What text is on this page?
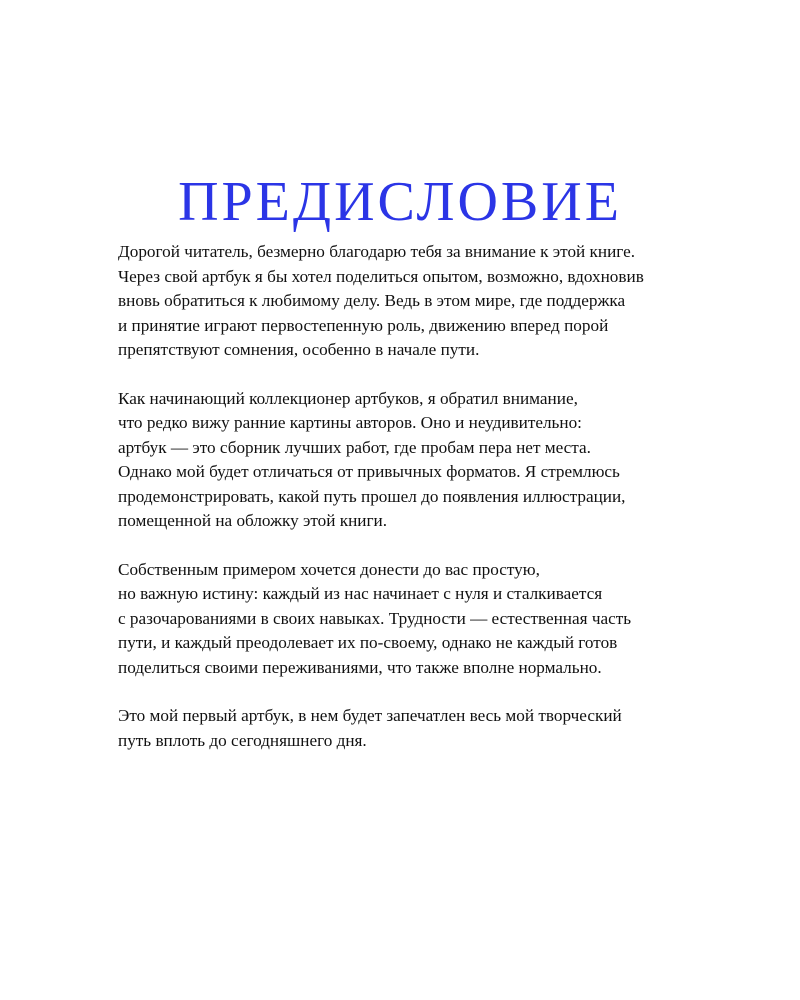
ПРЕДИСЛОВИЕ

Дорогой читатель, безмерно благодарю тебя за внимание к этой книге.
Через свой артбук я бы хотел поделиться опытом, возможно, вдохновив
вновь обратиться к любимому делу. Ведь в этом мире, где поддержка
и принятие играют первостепенную роль, движению вперед порой
препятствуют сомнения, особенно в начале пути.

Как начинающий коллекционер артбуков, я обратил внимание,
что редко вижу ранние картины авторов. Оно и неудивительно:
артбук — это сборник лучших работ, где пробам пера нет места.
Однако мой будет отличаться от привычных форматов. Я стремлюсь
продемонстрировать, какой путь прошел до появления иллюстрации,
помещенной на обложку этой книги.

Собственным примером хочется донести до вас простую,
но важную истину: каждый из нас начинает с нуля и сталкивается
с разочарованиями в своих навыках. Трудности — естественная часть
пути, и каждый преодолевает их по-своему, однако не каждый готов
поделиться своими переживаниями, что также вполне нормально.

Это мой первый артбук, в нем будет запечатлен весь мой творческий
путь вплоть до сегодняшнего дня.
